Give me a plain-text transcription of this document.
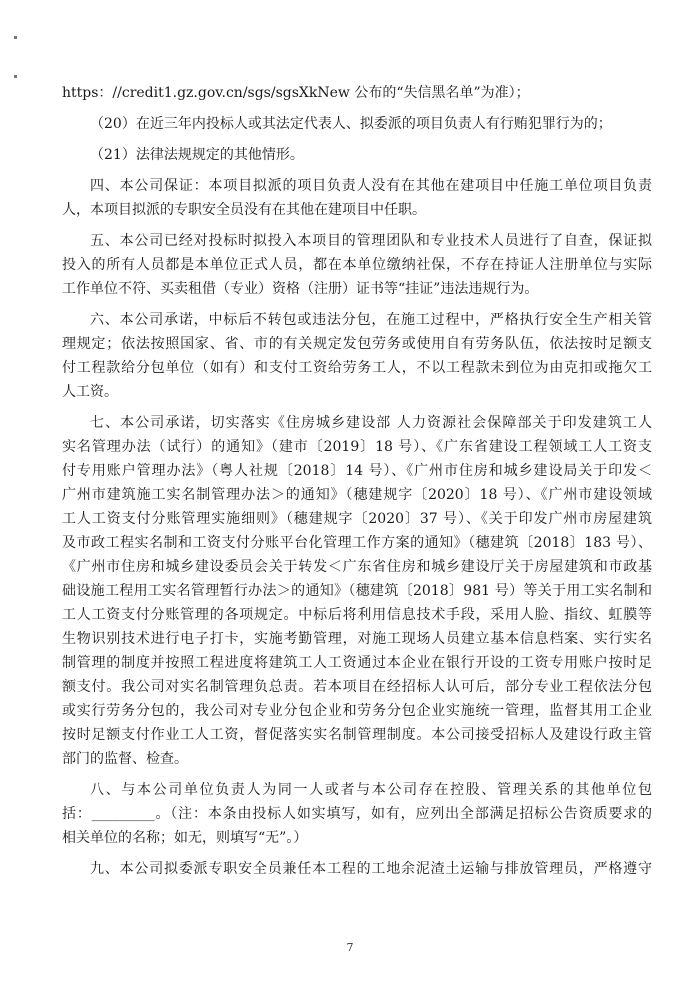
https：//credit1.gz.gov.cn/sgs/sgsXkNew 公布的“失信黑名单”为准）；
（20）在近三年内投标人或其法定代表人、拟委派的项目负责人有行贿犯罪行为的；
（21）法律法规规定的其他情形。
四、本公司保证：本项目拟派的项目负责人没有在其他在建项目中任施工单位项目负责
人，本项目拟派的专职安全员没有在其他在建项目中任职。
五、本公司已经对投标时拟投入本项目的管理团队和专业技术人员进行了自查，保证拟
投入的所有人员都是本单位正式人员，都在本单位缴纳社保，不存在持证人注册单位与实际
工作单位不符、买卖租借（专业）资格（注册）证书等“挂证”违法违规行为。
六、本公司承诺，中标后不转包或违法分包，在施工过程中，严格执行安全生产相关管
理规定；依法按照国家、省、市的有关规定发包劳务或使用自有劳务队伍，依法按时足额支
付工程款给分包单位（如有）和支付工资给劳务工人，不以工程款未到位为由克扣或拖欠工
人工资。
七、本公司承诺，切实落实《住房城乡建设部 人力资源社会保障部关于印发建筑工人
实名管理办法（试行）的通知》（建市〔2019〕18 号）、《广东省建设工程领域工人工资支
付专用账户管理办法》（粤人社规〔2018〕14 号）、《广州市住房和城乡建设局关于印发＜
广州市建筑施工实名制管理办法＞的通知》（穗建规字〔2020〕18 号）、《广州市建设领域
工人工资支付分账管理实施细则》（穗建规字〔2020〕37 号）、《关于印发广州市房屋建筑
及市政工程实名制和工资支付分账平台化管理工作方案的通知》（穗建筑〔2018〕183 号）、
《广州市住房和城乡建设委员会关于转发＜广东省住房和城乡建设厅关于房屋建筑和市政基
础设施工程用工实名管理暂行办法＞的通知》（穗建筑〔2018〕981 号）等关于用工实名制和
工人工资支付分账管理的各项规定。中标后将利用信息技术手段，采用人脸、指纹、虹膜等
生物识别技术进行电子打卡，实施考勤管理，对施工现场人员建立基本信息档案、实行实名
制管理的制度并按照工程进度将建筑工人工资通过本企业在银行开设的工资专用账户按时足
额支付。我公司对实名制管理负总责。若本项目在经招标人认可后，部分专业工程依法分包
或实行劳务分包的，我公司对专业分包企业和劳务分包企业实施统一管理，监督其用工企业
按时足额支付作业工人工资，督促落实实名制管理制度。本公司接受招标人及建设行政主管
部门的监督、检查。
八、与本公司单位负责人为同一人或者与本公司存在控股、管理关系的其他单位包
括：_________。（注：本条由投标人如实填写，如有，应列出全部满足招标公告资质要求的
相关单位的名称；如无，则填写“无”。）
九、本公司拟委派专职安全员兼任本工程的工地余泥渣土运输与排放管理员，严格遵守
7
